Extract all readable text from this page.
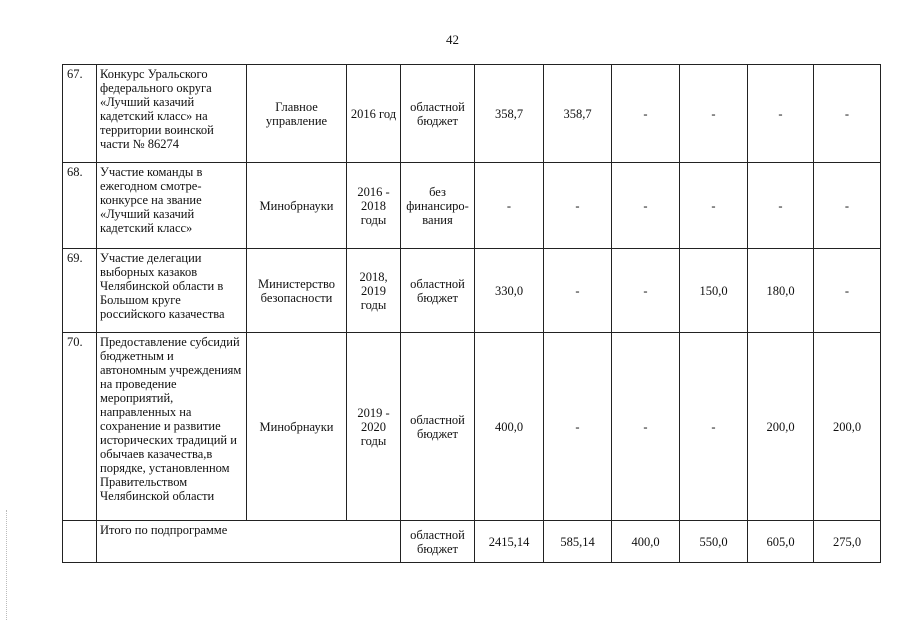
42
67.	Конкурс Уральского федерального округа «Лучший казачий кадетский класс» на территории воинской части № 86274	Главное управление	2016 год	областной бюджет	358,7	358,7	-	-	-	-
68.	Участие команды в ежегодном смотре-конкурсе на звание «Лучший казачий кадетский класс»	Минобрнауки	2016 - 2018 годы	без финансиро-вания	-	-	-	-	-	-
69.	Участие делегации выборных казаков Челябинской области в Большом круге российского казачества	Министерство безопасности	2018, 2019 годы	областной бюджет	330,0	-	-	150,0	180,0	-
70.	Предоставление субсидий бюджетным и автономным учреждениям на проведение мероприятий, направленных на сохранение и развитие исторических традиций и обычаев казачества,в порядке, установленном Правительством Челябинской области	Минобрнауки	2019 - 2020 годы	областной бюджет	400,0	-	-	-	200,0	200,0
	Итого по подпрограмме			областной бюджет	2415,14	585,14	400,0	550,0	605,0	275,0
